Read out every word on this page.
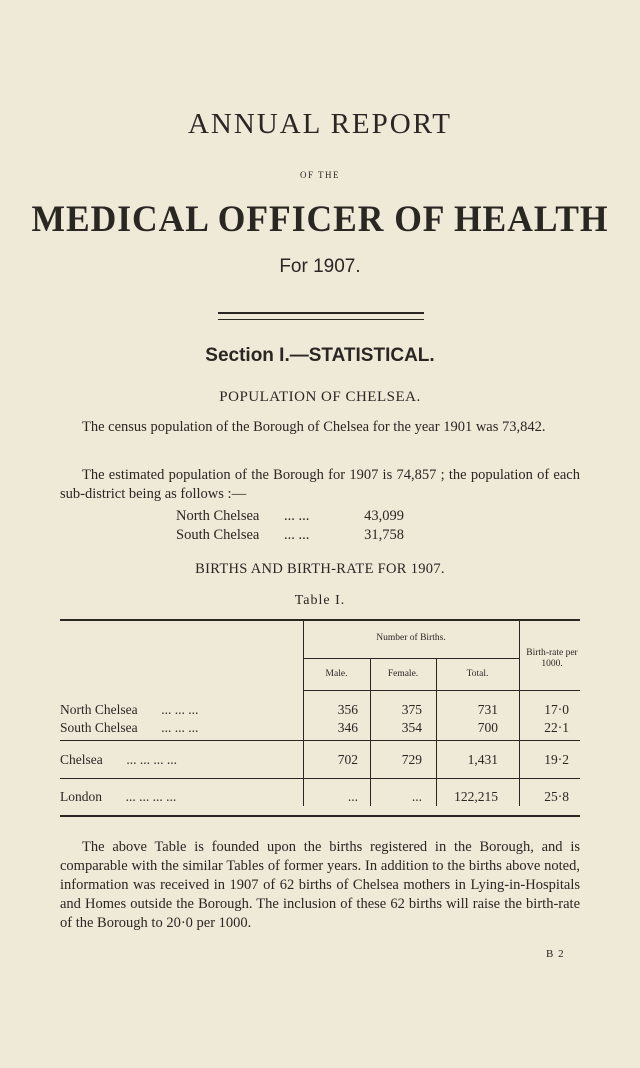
ANNUAL REPORT
OF THE
MEDICAL OFFICER OF HEALTH
For 1907.
Section I.—STATISTICAL.
POPULATION OF CHELSEA.
The census population of the Borough of Chelsea for the year 1901 was 73,842.
The estimated population of the Borough for 1907 is 74,857 ; the population of each sub-district being as follows :—
North Chelsea ... ...	43,099
South Chelsea ... ...	31,758
BIRTHS AND BIRTH-RATE FOR 1907.
Table I.
Number of Births.
Male.	Female.	Total.
Birth-rate per 1000.
North Chelsea ... ... ...	356	375	731	17·0
South Chelsea ... ... ...	346	354	700	22·1
Chelsea ... ... ... ...	702	729	1,431	19·2
London ... ... ... ...	...	...	122,215	25·8
The above Table is founded upon the births registered in the Borough, and is comparable with the similar Tables of former years. In addition to the births above noted, information was received in 1907 of 62 births of Chelsea mothers in Lying-in-Hospitals and Homes outside the Borough. The inclusion of these 62 births will raise the birth-rate of the Borough to 20·0 per 1000.
B 2
